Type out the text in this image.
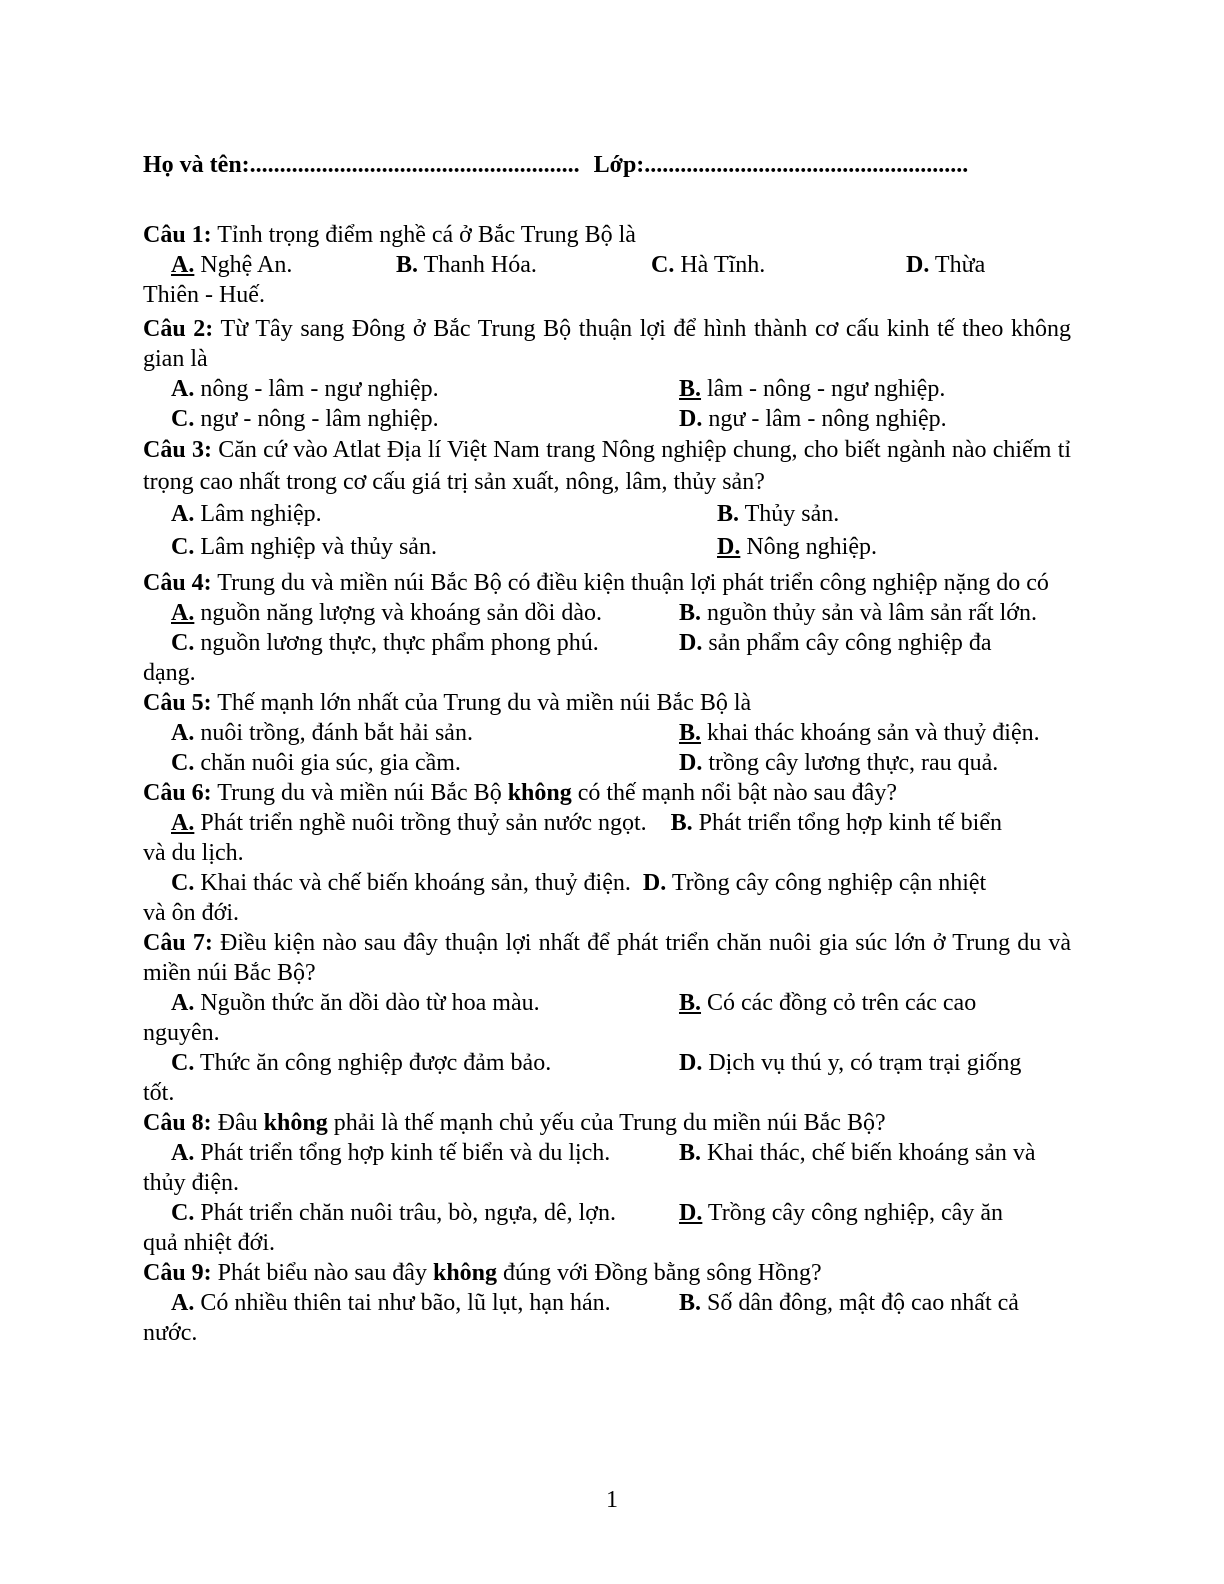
Họ và tên:....................................................... Lớp:......................................................
Câu 1: Tỉnh trọng điểm nghề cá ở Bắc Trung Bộ là
A. Nghệ An.	B. Thanh Hóa.	C. Hà Tĩnh.	D. Thừa
Thiên - Huế.
Câu 2: Từ Tây sang Đông ở Bắc Trung Bộ thuận lợi để hình thành cơ cấu kinh tế theo không gian là
A. nông - lâm - ngư nghiệp.	B. lâm - nông - ngư nghiệp.
C. ngư - nông - lâm nghiệp.	D. ngư - lâm - nông nghiệp.
Câu 3: Căn cứ vào Atlat Địa lí Việt Nam trang Nông nghiệp chung, cho biết ngành nào chiếm tỉ trọng cao nhất trong cơ cấu giá trị sản xuất, nông, lâm, thủy sản?
A. Lâm nghiệp.	B. Thủy sản.
C. Lâm nghiệp và thủy sản.	D. Nông nghiệp.
Câu 4: Trung du và miền núi Bắc Bộ có điều kiện thuận lợi phát triển công nghiệp nặng do có
A. nguồn năng lượng và khoáng sản dồi dào.	B. nguồn thủy sản và lâm sản rất lớn.
C. nguồn lương thực, thực phẩm phong phú.	D. sản phẩm cây công nghiệp đa
dạng.
Câu 5: Thế mạnh lớn nhất của Trung du và miền núi Bắc Bộ là
A. nuôi trồng, đánh bắt hải sản.	B. khai thác khoáng sản và thuỷ điện.
C. chăn nuôi gia súc, gia cầm.	D. trồng cây lương thực, rau quả.
Câu 6: Trung du và miền núi Bắc Bộ không có thế mạnh nổi bật nào sau đây?
A. Phát triển nghề nuôi trồng thuỷ sản nước ngọt. B. Phát triển tổng hợp kinh tế biển
và du lịch.
C. Khai thác và chế biến khoáng sản, thuỷ điện. D. Trồng cây công nghiệp cận nhiệt
và ôn đới.
Câu 7: Điều kiện nào sau đây thuận lợi nhất để phát triển chăn nuôi gia súc lớn ở Trung du và miền núi Bắc Bộ?
A. Nguồn thức ăn dồi dào từ hoa màu.	B. Có các đồng cỏ trên các cao
nguyên.
C. Thức ăn công nghiệp được đảm bảo.	D. Dịch vụ thú y, có trạm trại giống
tốt.
Câu 8: Đâu không phải là thế mạnh chủ yếu của Trung du miền núi Bắc Bộ?
A. Phát triển tổng hợp kinh tế biển và du lịch.	B. Khai thác, chế biến khoáng sản và
thủy điện.
C. Phát triển chăn nuôi trâu, bò, ngựa, dê, lợn.	D. Trồng cây công nghiệp, cây ăn
quả nhiệt đới.
Câu 9: Phát biểu nào sau đây không đúng với Đồng bằng sông Hồng?
A. Có nhiều thiên tai như bão, lũ lụt, hạn hán.	B. Số dân đông, mật độ cao nhất cả
nước.
1
